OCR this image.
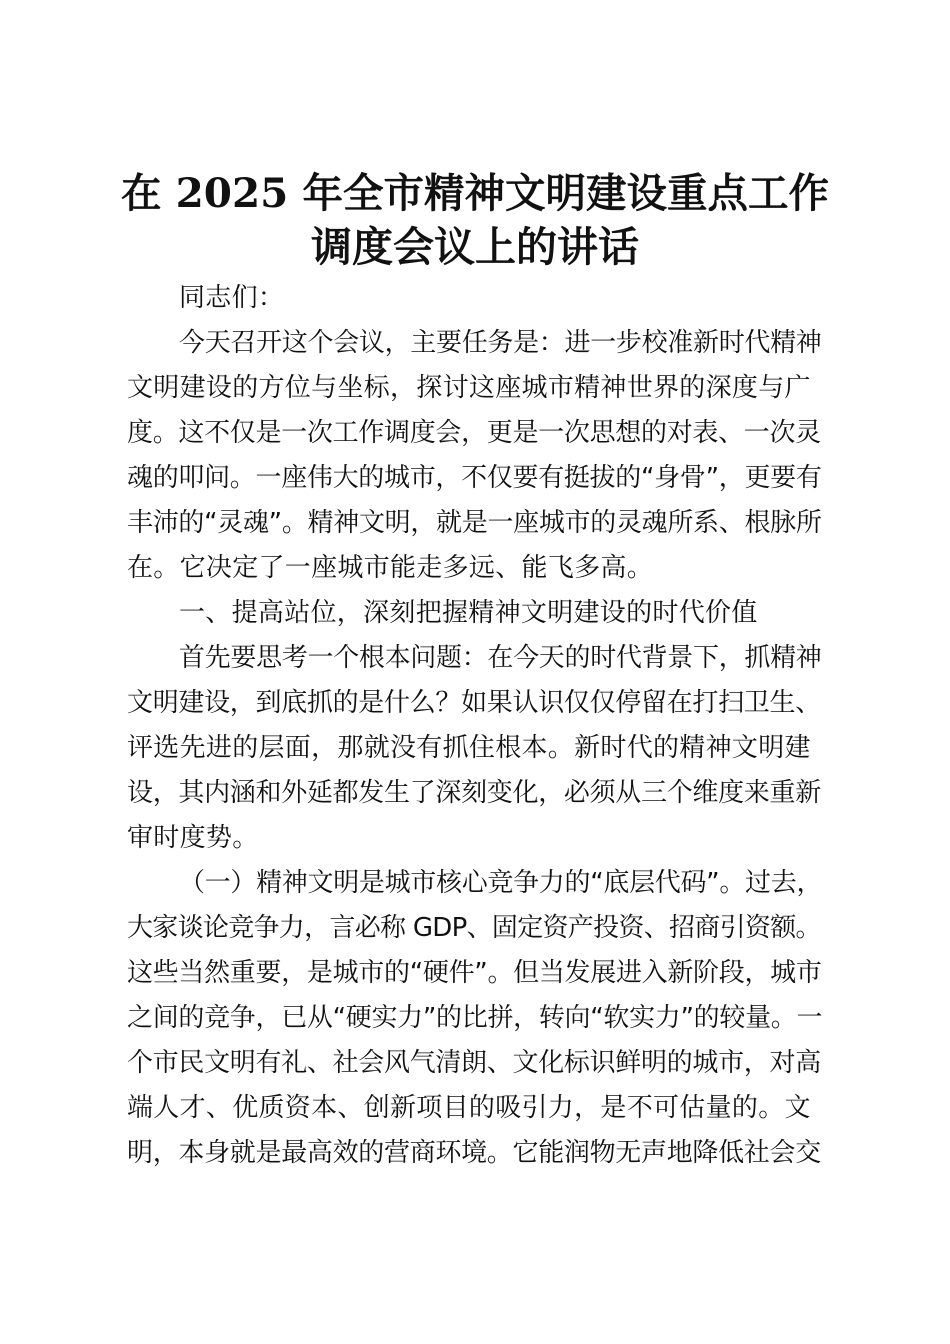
在 2025 年全市精神文明建设重点工作
调度会议上的讲话
同志们：
今天召开这个会议，主要任务是：进一步校准新时代精神
文明建设的方位与坐标，探讨这座城市精神世界的深度与广
度。这不仅是一次工作调度会，更是一次思想的对表、一次灵
魂的叩问。一座伟大的城市，不仅要有挺拔的“身骨”，更要有
丰沛的“灵魂”。精神文明，就是一座城市的灵魂所系、根脉所
在。它决定了一座城市能走多远、能飞多高。
一、提高站位，深刻把握精神文明建设的时代价值
首先要思考一个根本问题：在今天的时代背景下，抓精神
文明建设，到底抓的是什么？如果认识仅仅停留在打扫卫生、
评选先进的层面，那就没有抓住根本。新时代的精神文明建
设，其内涵和外延都发生了深刻变化，必须从三个维度来重新
审时度势。
（一）精神文明是城市核心竞争力的“底层代码”。过去，
大家谈论竞争力，言必称 GDP、固定资产投资、招商引资额。
这些当然重要，是城市的“硬件”。但当发展进入新阶段，城市
之间的竞争，已从“硬实力”的比拼，转向“软实力”的较量。一
个市民文明有礼、社会风气清朗、文化标识鲜明的城市，对高
端人才、优质资本、创新项目的吸引力，是不可估量的。文
明，本身就是最高效的营商环境。它能润物无声地降低社会交
